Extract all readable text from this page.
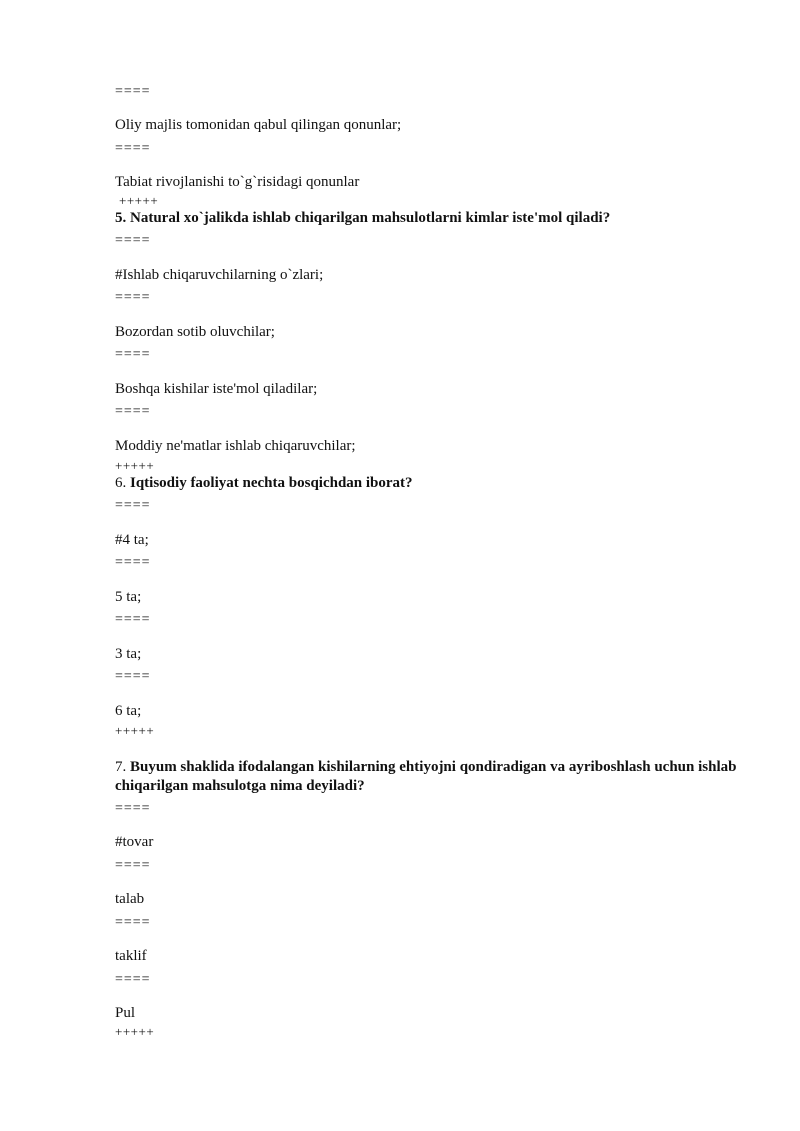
====
Oliy majlis tomonidan qabul qilingan qonunlar;
====
Tabiat rivojlanishi to`g`risidagi qonunlar
+++++
5. Natural xo`jalikda ishlab chiqarilgan mahsulotlarni kimlar iste'mol qiladi?
====
#Ishlab chiqaruvchilarning o`zlari;
====
Bozordan sotib oluvchilar;
====
Boshqa kishilar iste'mol qiladilar;
====
Moddiy ne'matlar ishlab chiqaruvchilar;
+++++
6. Iqtisodiy faoliyat nechta bosqichdan iborat?
====
#4 ta;
====
5 ta;
====
3 ta;
====
6 ta;
+++++
7. Buyum shaklida ifodalangan kishilarning ehtiyojni qondiradigan va ayriboshlash uchun ishlab chiqarilgan mahsulotga nima deyiladi?
====
#tovar
====
talab
====
taklif
====
Pul
+++++
